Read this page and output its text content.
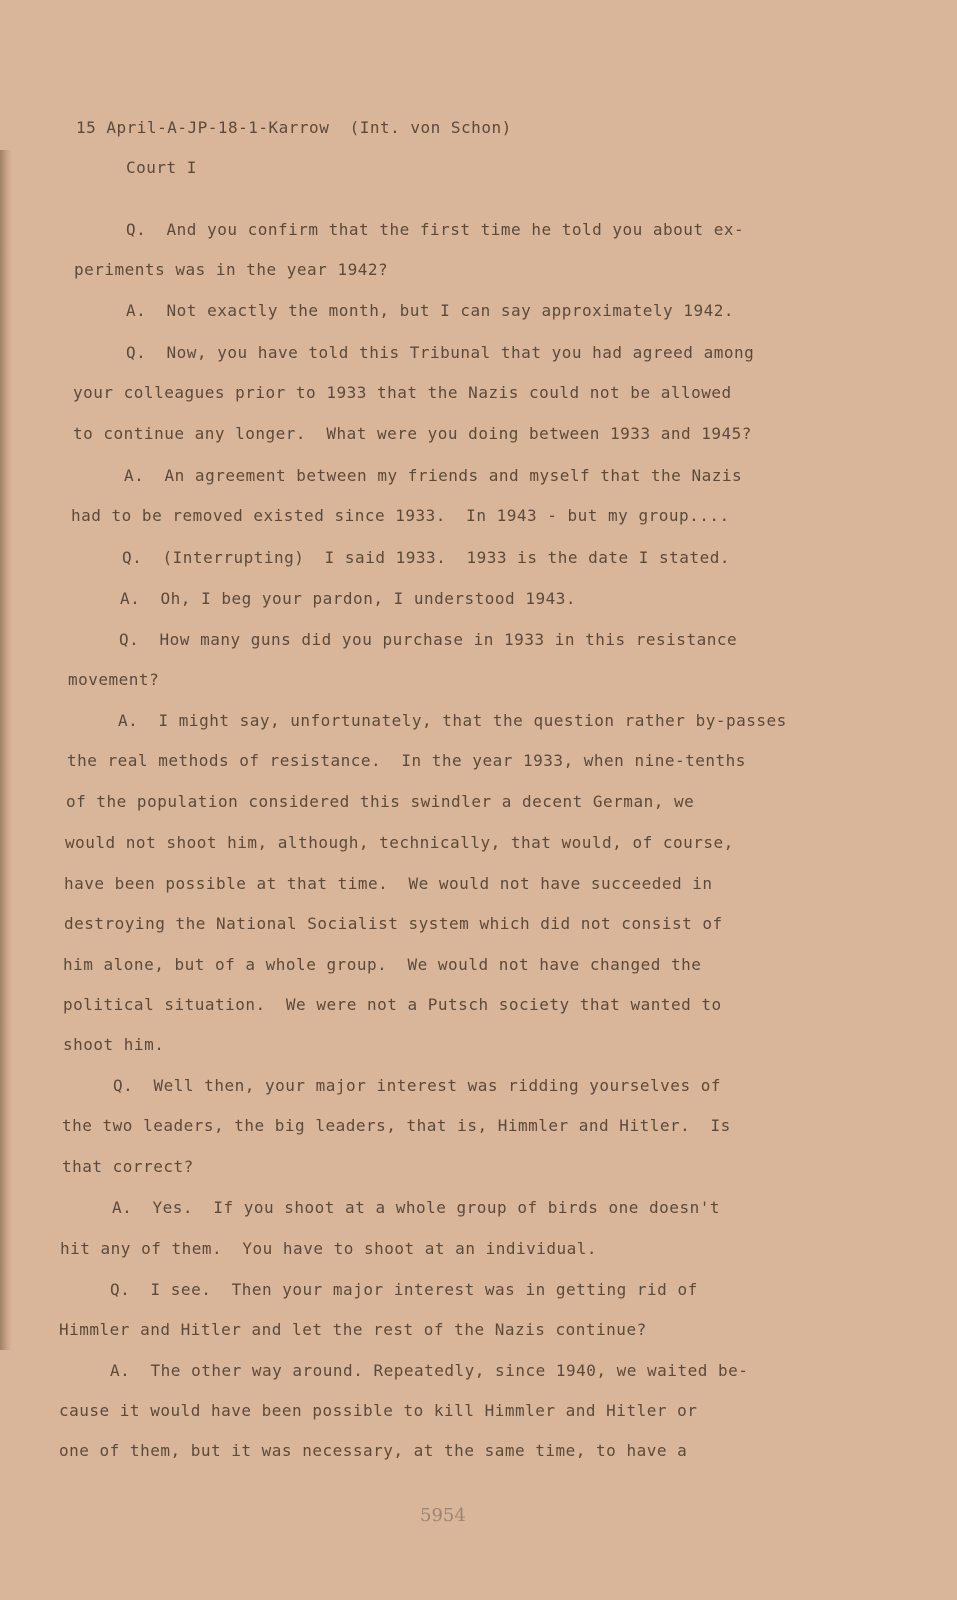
15 April-A-JP-18-1-Karrow  (Int. von Schon)
Court I
Q.  And you confirm that the first time he told you about ex-
periments was in the year 1942?
A.  Not exactly the month, but I can say approximately 1942.
Q.  Now, you have told this Tribunal that you had agreed among
your colleagues prior to 1933 that the Nazis could not be allowed
to continue any longer.  What were you doing between 1933 and 1945?
A.  An agreement between my friends and myself that the Nazis
had to be removed existed since 1933.  In 1943 - but my group....
Q.  (Interrupting)  I said 1933.  1933 is the date I stated.
A.  Oh, I beg your pardon, I understood 1943.
Q.  How many guns did you purchase in 1933 in this resistance
movement?
A.  I might say, unfortunately, that the question rather by-passes
the real methods of resistance.  In the year 1933, when nine-tenths
of the population considered this swindler a decent German, we
would not shoot him, although, technically, that would, of course,
have been possible at that time.  We would not have succeeded in
destroying the National Socialist system which did not consist of
him alone, but of a whole group.  We would not have changed the
political situation.  We were not a Putsch society that wanted to
shoot him.
Q.  Well then, your major interest was ridding yourselves of
the two leaders, the big leaders, that is, Himmler and Hitler.  Is
that correct?
A.  Yes.  If you shoot at a whole group of birds one doesn't
hit any of them.  You have to shoot at an individual.
Q.  I see.  Then your major interest was in getting rid of
Himmler and Hitler and let the rest of the Nazis continue?
A.  The other way around. Repeatedly, since 1940, we waited be-
cause it would have been possible to kill Himmler and Hitler or
one of them, but it was necessary, at the same time, to have a
5954
